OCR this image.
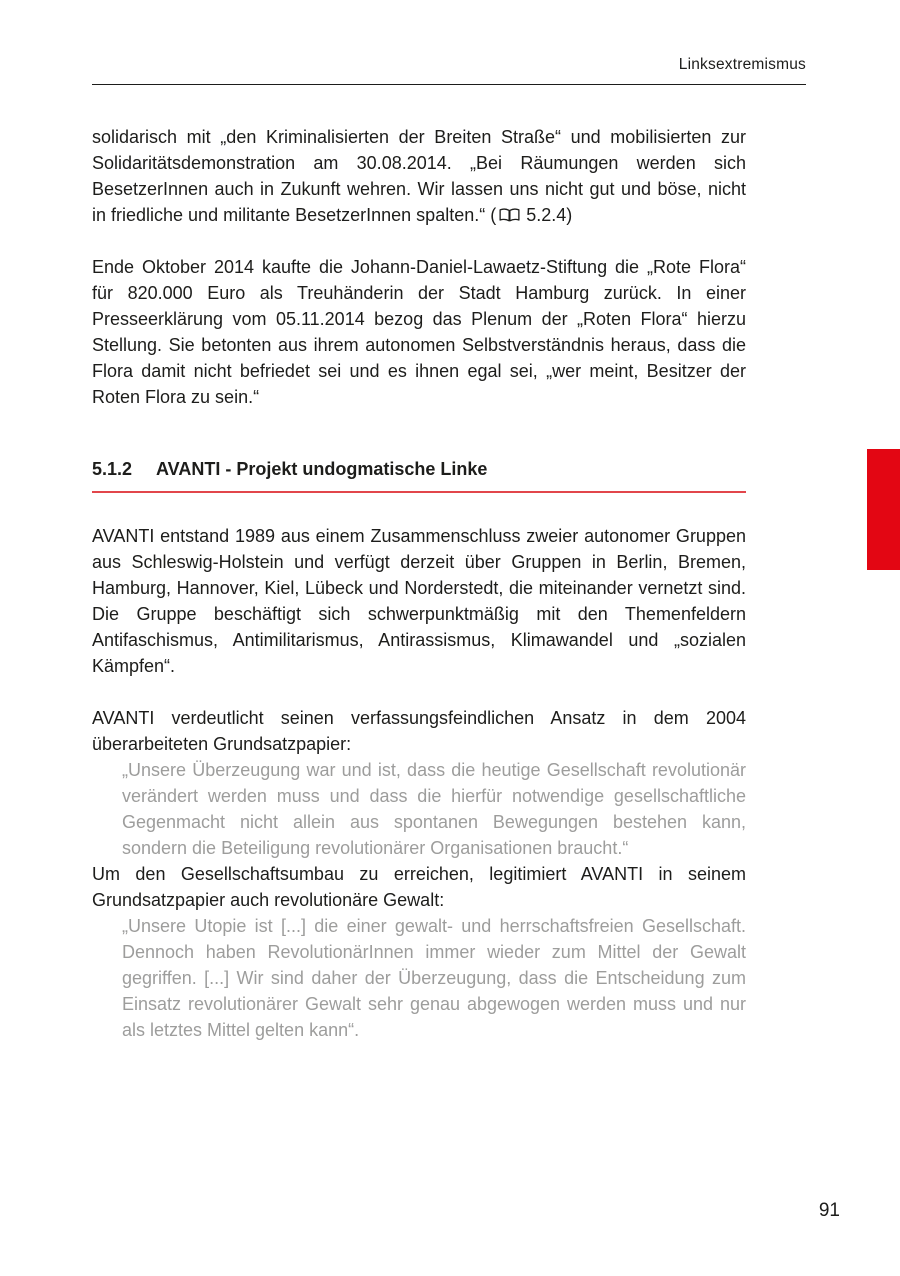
Linksextremismus

solidarisch mit „den Kriminalisierten der Breiten Straße“ und mobilisierten zur Solidaritätsdemonstration am 30.08.2014. „Bei Räumungen werden sich BesetzerInnen auch in Zukunft wehren. Wir lassen uns nicht gut und böse, nicht in friedliche und militante BesetzerInnen spalten.“ ( 5.2.4)

Ende Oktober 2014 kaufte die Johann-Daniel-Lawaetz-Stiftung die „Rote Flora“ für 820.000 Euro als Treuhänderin der Stadt Hamburg zurück. In einer Presseerklärung vom 05.11.2014 bezog das Plenum der „Roten Flora“ hierzu Stellung. Sie betonten aus ihrem autonomen Selbstverständnis heraus, dass die Flora damit nicht befriedet sei und es ihnen egal sei, „wer meint, Besitzer der Roten Flora zu sein.“

5.1.2 AVANTI - Projekt undogmatische Linke

AVANTI entstand 1989 aus einem Zusammenschluss zweier autonomer Gruppen aus Schleswig-Holstein und verfügt derzeit über Gruppen in Berlin, Bremen, Hamburg, Hannover, Kiel, Lübeck und Norderstedt, die miteinander vernetzt sind. Die Gruppe beschäftigt sich schwerpunktmäßig mit den Themenfeldern Antifaschismus, Antimilitarismus, Antirassismus, Klimawandel und „sozialen Kämpfen“.

AVANTI verdeutlicht seinen verfassungsfeindlichen Ansatz in dem 2004 überarbeiteten Grundsatzpapier:

„Unsere Überzeugung war und ist, dass die heutige Gesellschaft revolutionär verändert werden muss und dass die hierfür notwendige gesellschaftliche Gegenmacht nicht allein aus spontanen Bewegungen bestehen kann, sondern die Beteiligung revolutionärer Organisationen braucht.“

Um den Gesellschaftsumbau zu erreichen, legitimiert AVANTI in seinem Grundsatzpapier auch revolutionäre Gewalt:

„Unsere Utopie ist [...] die einer gewalt- und herrschaftsfreien Gesellschaft. Dennoch haben RevolutionärInnen immer wieder zum Mittel der Gewalt gegriffen. [...] Wir sind daher der Überzeugung, dass die Entscheidung zum Einsatz revolutionärer Gewalt sehr genau abgewogen werden muss und nur als letztes Mittel gelten kann“.

91
